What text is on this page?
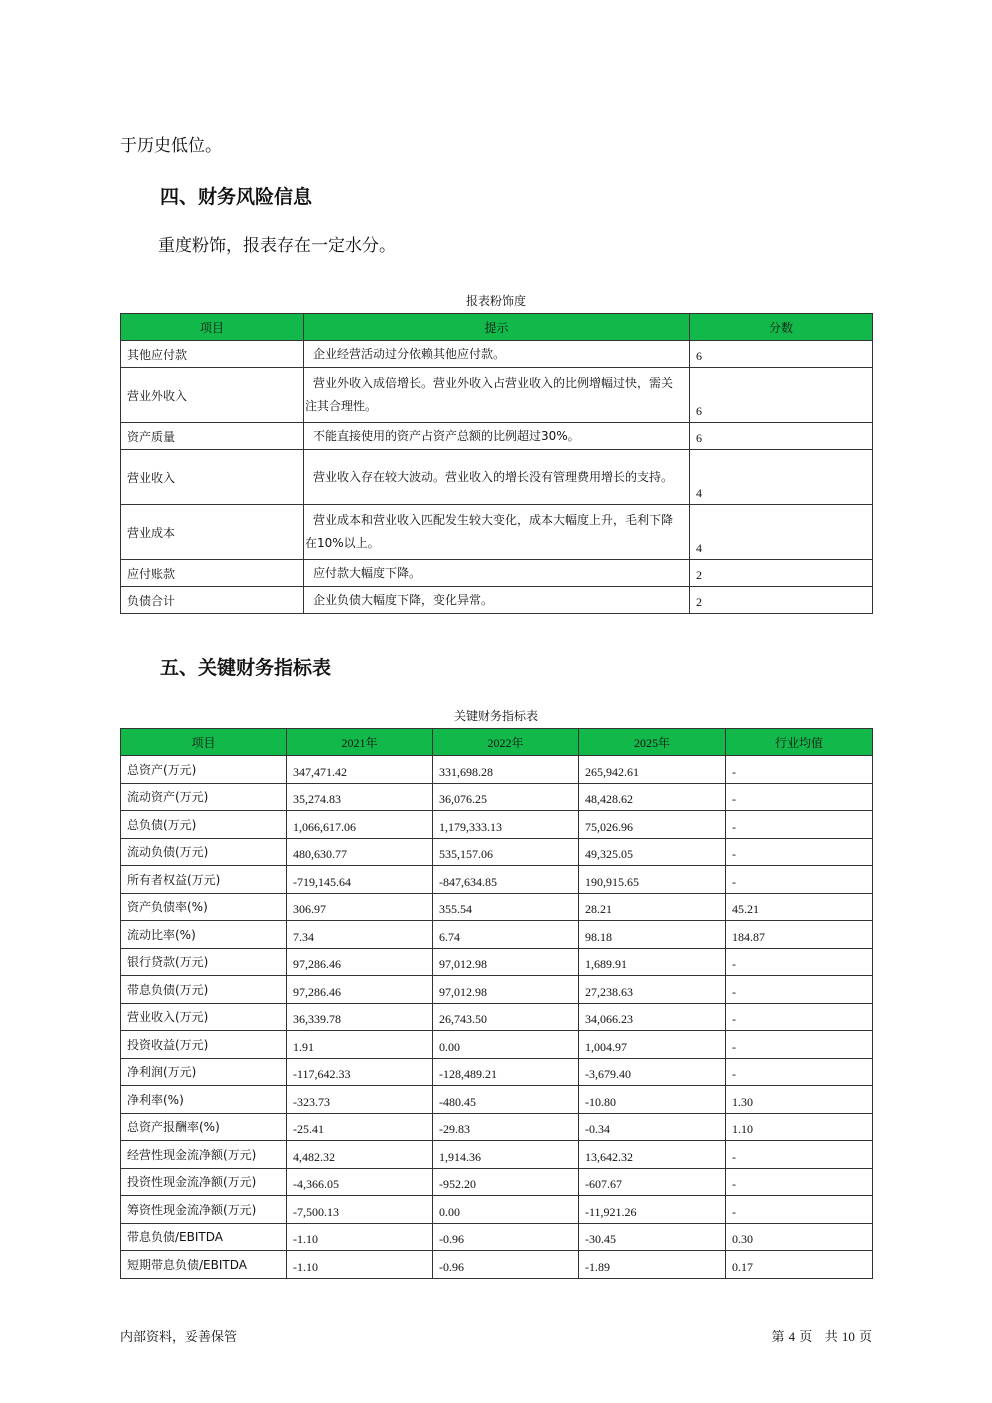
于历史低位。
四、财务风险信息
重度粉饰，报表存在一定水分。
报表粉饰度
项目	提示	分数
其他应付款	企业经营活动过分依赖其他应付款。	6
营业外收入	营业外收入成倍增长。营业外收入占营业收入的比例增幅过快，需关注其合理性。	6
资产质量	不能直接使用的资产占资产总额的比例超过30%。	6
营业收入	营业收入存在较大波动。营业收入的增长没有管理费用增长的支持。	4
营业成本	营业成本和营业收入匹配发生较大变化，成本大幅度上升，毛利下降在10%以上。	4
应付账款	应付款大幅度下降。	2
负债合计	企业负债大幅度下降，变化异常。	2
五、关键财务指标表
关键财务指标表
项目	2021年	2022年	2025年	行业均值
总资产(万元)	347,471.42	331,698.28	265,942.61	-
流动资产(万元)	35,274.83	36,076.25	48,428.62	-
总负债(万元)	1,066,617.06	1,179,333.13	75,026.96	-
流动负债(万元)	480,630.77	535,157.06	49,325.05	-
所有者权益(万元)	-719,145.64	-847,634.85	190,915.65	-
资产负债率(%)	306.97	355.54	28.21	45.21
流动比率(%)	7.34	6.74	98.18	184.87
银行贷款(万元)	97,286.46	97,012.98	1,689.91	-
带息负债(万元)	97,286.46	97,012.98	27,238.63	-
营业收入(万元)	36,339.78	26,743.50	34,066.23	-
投资收益(万元)	1.91	0.00	1,004.97	-
净利润(万元)	-117,642.33	-128,489.21	-3,679.40	-
净利率(%)	-323.73	-480.45	-10.80	1.30
总资产报酬率(%)	-25.41	-29.83	-0.34	1.10
经营性现金流净额(万元)	4,482.32	1,914.36	13,642.32	-
投资性现金流净额(万元)	-4,366.05	-952.20	-607.67	-
筹资性现金流净额(万元)	-7,500.13	0.00	-11,921.26	-
带息负债/EBITDA	-1.10	-0.96	-30.45	0.30
短期带息负债/EBITDA	-1.10	-0.96	-1.89	0.17
内部资料，妥善保管	第 4 页 共 10 页
